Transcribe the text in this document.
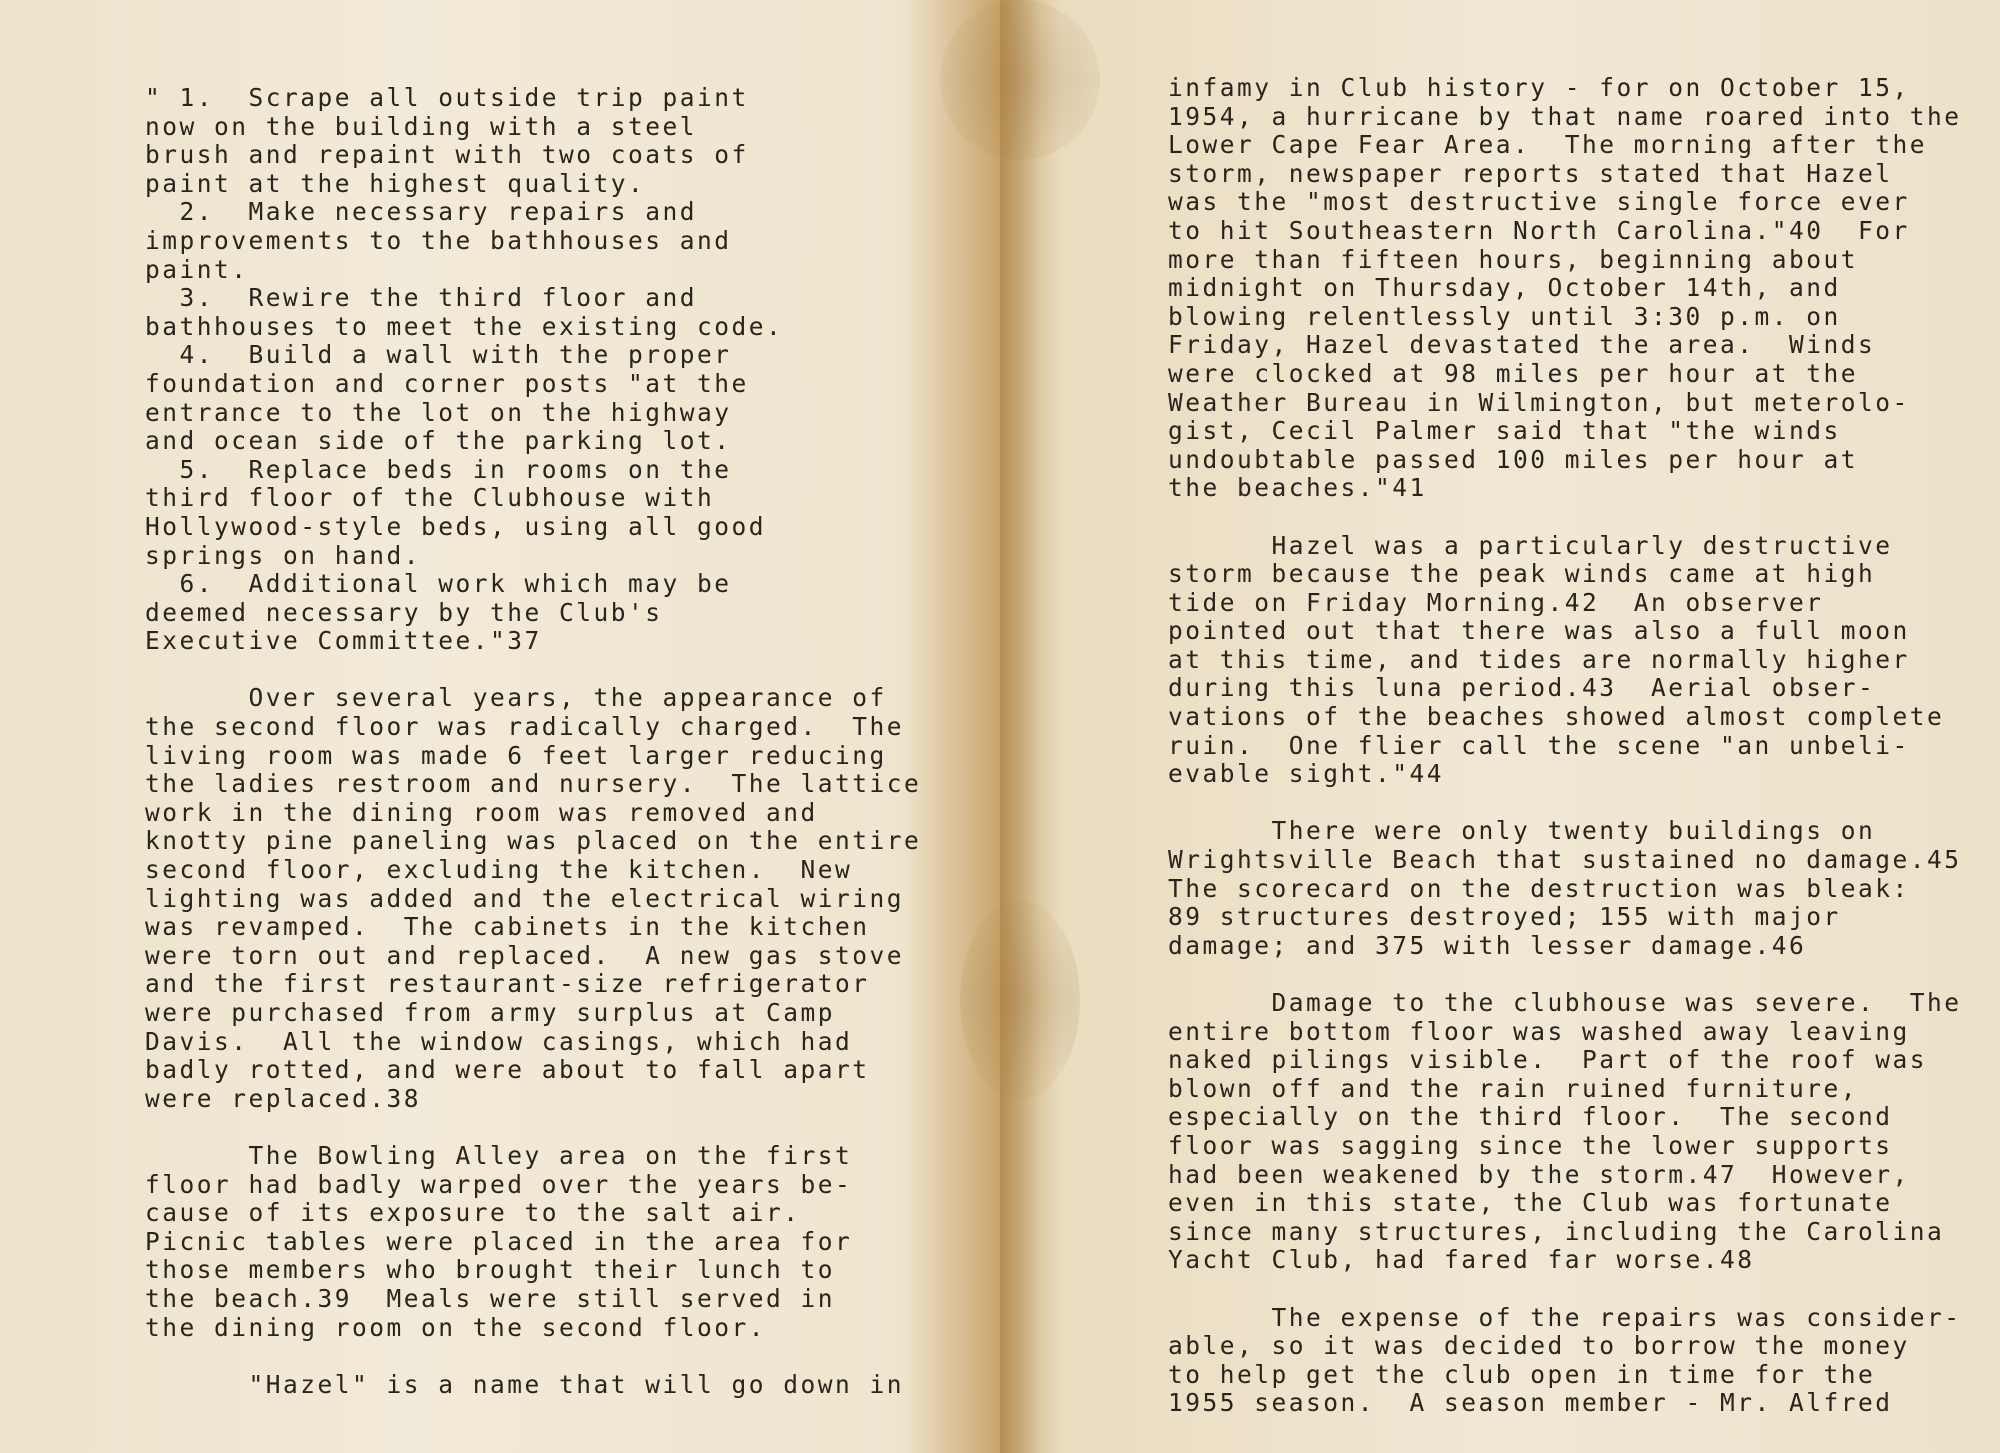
" 1.  Scrape all outside trip paint
now on the building with a steel
brush and repaint with two coats of
paint at the highest quality.
2.  Make necessary repairs and
improvements to the bathhouses and
paint.
3.  Rewire the third floor and
bathhouses to meet the existing code.
4.  Build a wall with the proper
foundation and corner posts "at the
entrance to the lot on the highway
and ocean side of the parking lot.
5.  Replace beds in rooms on the
third floor of the Clubhouse with
Hollywood-style beds, using all good
springs on hand.
6.  Additional work which may be
deemed necessary by the Club's
Executive Committee."37

Over several years, the appearance of
the second floor was radically charged.  The
living room was made 6 feet larger reducing
the ladies restroom and nursery.  The lattice
work in the dining room was removed and
knotty pine paneling was placed on the entire
second floor, excluding the kitchen.  New
lighting was added and the electrical wiring
was revamped.  The cabinets in the kitchen
were torn out and replaced.  A new gas stove
and the first restaurant-size refrigerator
were purchased from army surplus at Camp
Davis.  All the window casings, which had
badly rotted, and were about to fall apart
were replaced.38

The Bowling Alley area on the first
floor had badly warped over the years be-
cause of its exposure to the salt air.
Picnic tables were placed in the area for
those members who brought their lunch to
the beach.39  Meals were still served in
the dining room on the second floor.

"Hazel" is a name that will go down in
infamy in Club history - for on October 15,
1954, a hurricane by that name roared into the
Lower Cape Fear Area.  The morning after the
storm, newspaper reports stated that Hazel
was the "most destructive single force ever
to hit Southeastern North Carolina."40  For
more than fifteen hours, beginning about
midnight on Thursday, October 14th, and
blowing relentlessly until 3:30 p.m. on
Friday, Hazel devastated the area.  Winds
were clocked at 98 miles per hour at the
Weather Bureau in Wilmington, but meterolo-
gist, Cecil Palmer said that "the winds
undoubtable passed 100 miles per hour at
the beaches."41

Hazel was a particularly destructive
storm because the peak winds came at high
tide on Friday Morning.42  An observer
pointed out that there was also a full moon
at this time, and tides are normally higher
during this luna period.43  Aerial obser-
vations of the beaches showed almost complete
ruin.  One flier call the scene "an unbeli-
evable sight."44

There were only twenty buildings on
Wrightsville Beach that sustained no damage.45
The scorecard on the destruction was bleak:
89 structures destroyed; 155 with major
damage; and 375 with lesser damage.46

Damage to the clubhouse was severe.  The
entire bottom floor was washed away leaving
naked pilings visible.  Part of the roof was
blown off and the rain ruined furniture,
especially on the third floor.  The second
floor was sagging since the lower supports
had been weakened by the storm.47  However,
even in this state, the Club was fortunate
since many structures, including the Carolina
Yacht Club, had fared far worse.48

The expense of the repairs was consider-
able, so it was decided to borrow the money
to help get the club open in time for the
1955 season.  A season member - Mr. Alfred
